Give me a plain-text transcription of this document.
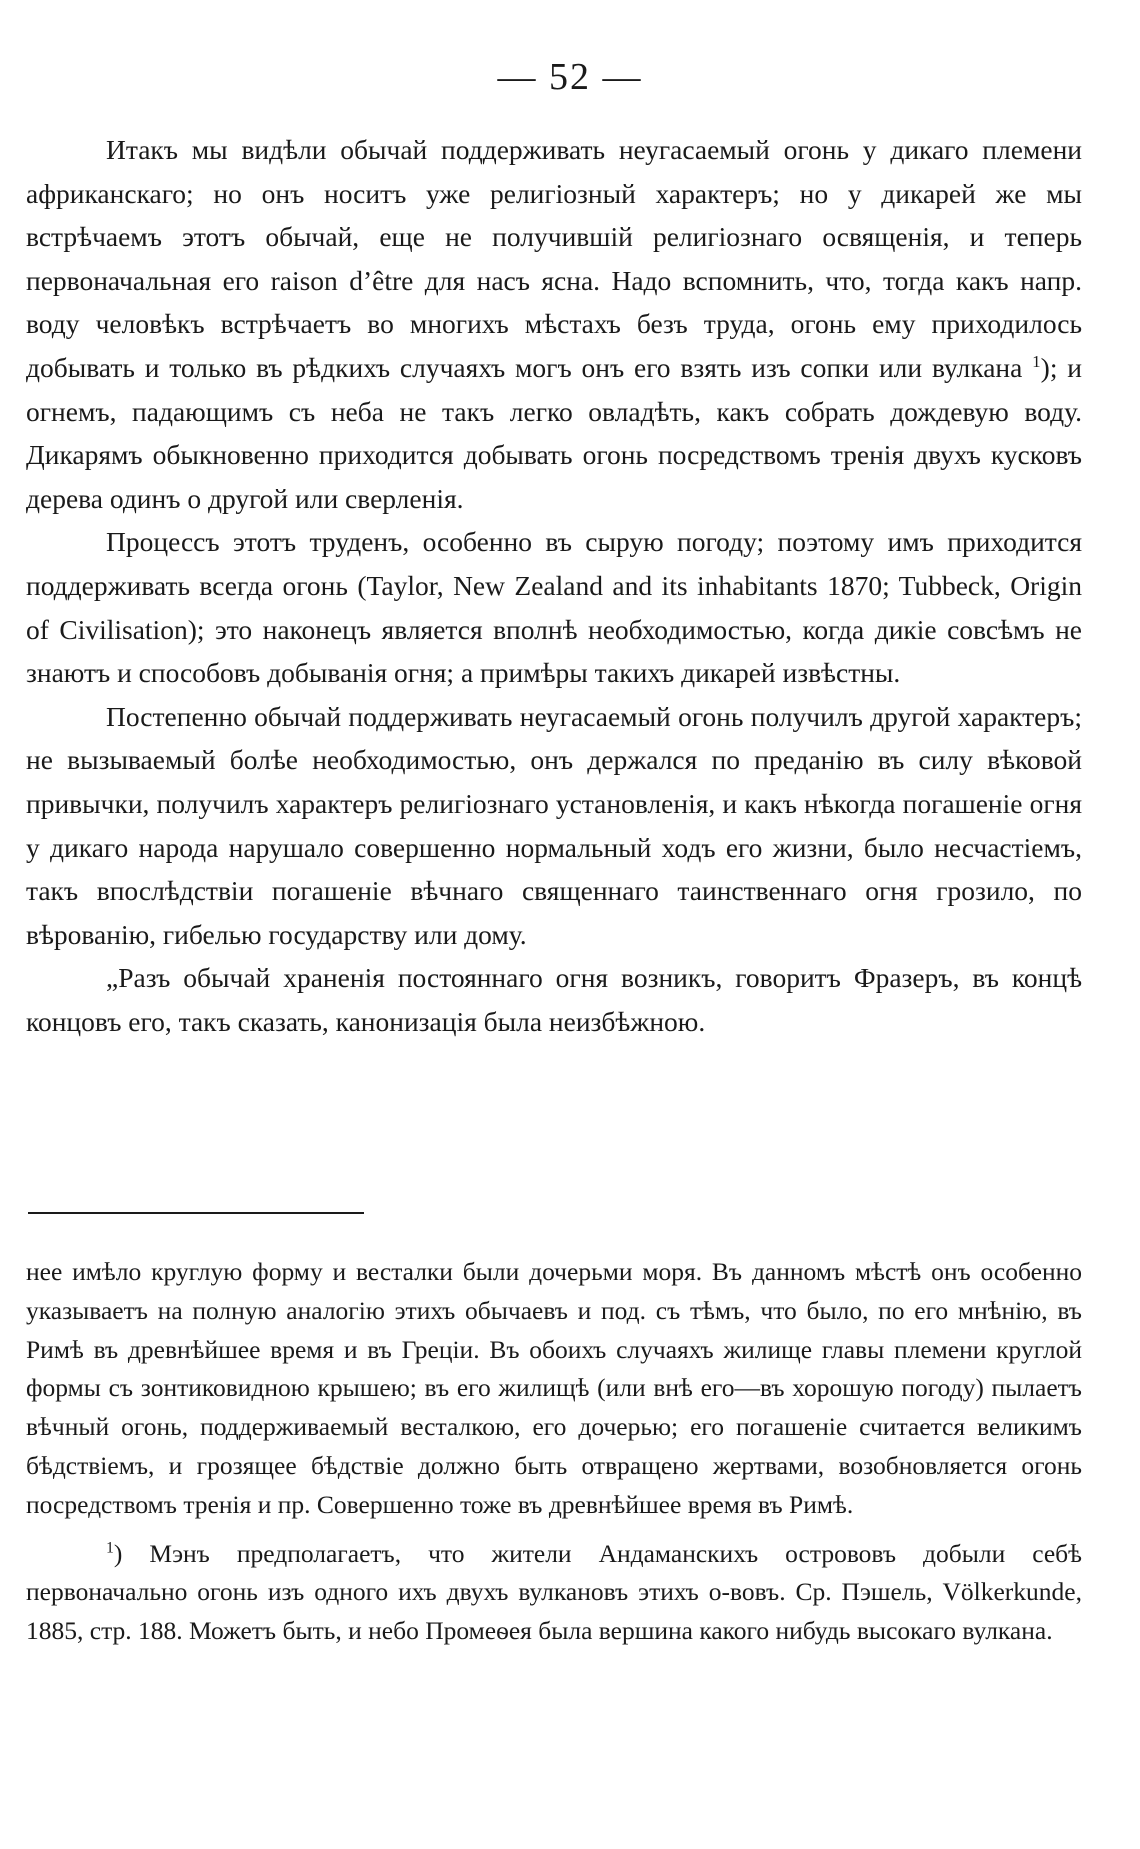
— 52 —

Итакъ мы видѣли обычай поддерживать неугасаемый огонь у дикаго племени африканскаго; но онъ носитъ уже религіозный характеръ; но у дикарей же мы встрѣчаемъ этотъ обычай, еще не получившій религіознаго освященія, и теперь первоначальная его raison d’être для насъ ясна. Надо вспомнить, что, тогда какъ напр. воду человѣкъ встрѣчаетъ во многихъ мѣстахъ безъ труда, огонь ему приходилось добывать и только въ рѣдкихъ случаяхъ могъ онъ его взять изъ сопки или вулкана $^1$); и огнемъ, падающимъ съ неба не такъ легко овладѣть, какъ собрать дождевую воду. Дикарямъ обыкновенно приходится добывать огонь посредствомъ тренія двухъ кусковъ дерева одинъ о другой или сверленія.

Процессъ этотъ труденъ, особенно въ сырую погоду; поэтому имъ приходится поддерживать всегда огонь (Taylor, New Zealand and its inhabitants 1870; Tubbeck, Origin of Civilisation); это наконецъ является вполнѣ необходимостью, когда дикіе совсѣмъ не знаютъ и способовъ добыванія огня; а примѣры такихъ дикарей извѣстны.

Постепенно обычай поддерживать неугасаемый огонь получилъ другой характеръ; не вызываемый болѣе необходимостью, онъ держался по преданію въ силу вѣковой привычки, получилъ характеръ религіознаго установленія, и какъ нѣкогда погашеніе огня у дикаго народа нарушало совершенно нормальный ходъ его жизни, было несчастіемъ, такъ впослѣдствіи погашеніе вѣчнаго священнаго таинственнаго огня грозило, по вѣрованію, гибелью государству или дому.

„Разъ обычай храненія постояннаго огня возникъ, говоритъ Фразеръ, въ концѣ концовъ его, такъ сказать, канонизація была неизбѣжною.

нее имѣло круглую форму и весталки были дочерьми моря. Въ данномъ мѣстѣ онъ особенно указываетъ на полную аналогію этихъ обычаевъ и под. съ тѣмъ, что было, по его мнѣнію, въ Римѣ въ древнѣйшее время и въ Греціи. Въ обоихъ случаяхъ жилище главы племени круглой формы съ зонтиковидною крышею; въ его жилищѣ (или внѣ его—въ хорошую погоду) пылаетъ вѣчный огонь, поддерживаемый весталкою, его дочерью; его погашеніе считается великимъ бѣдствіемъ, и грозящее бѣдствіе должно быть отвращено жертвами, возобновляется огонь посредствомъ тренія и пр. Совершенно тоже въ древнѣйшее время въ Римѣ.

$^1$) Мэнъ предполагаетъ, что жители Андаманскихъ острововъ добыли себѣ первоначально огонь изъ одного ихъ двухъ вулкановъ этихъ о-вовъ. Ср. Пэшель, Völkerkunde, 1885, стр. 188. Можетъ быть, и небо Промеѳея была вершина какого нибудь высокаго вулкана.
